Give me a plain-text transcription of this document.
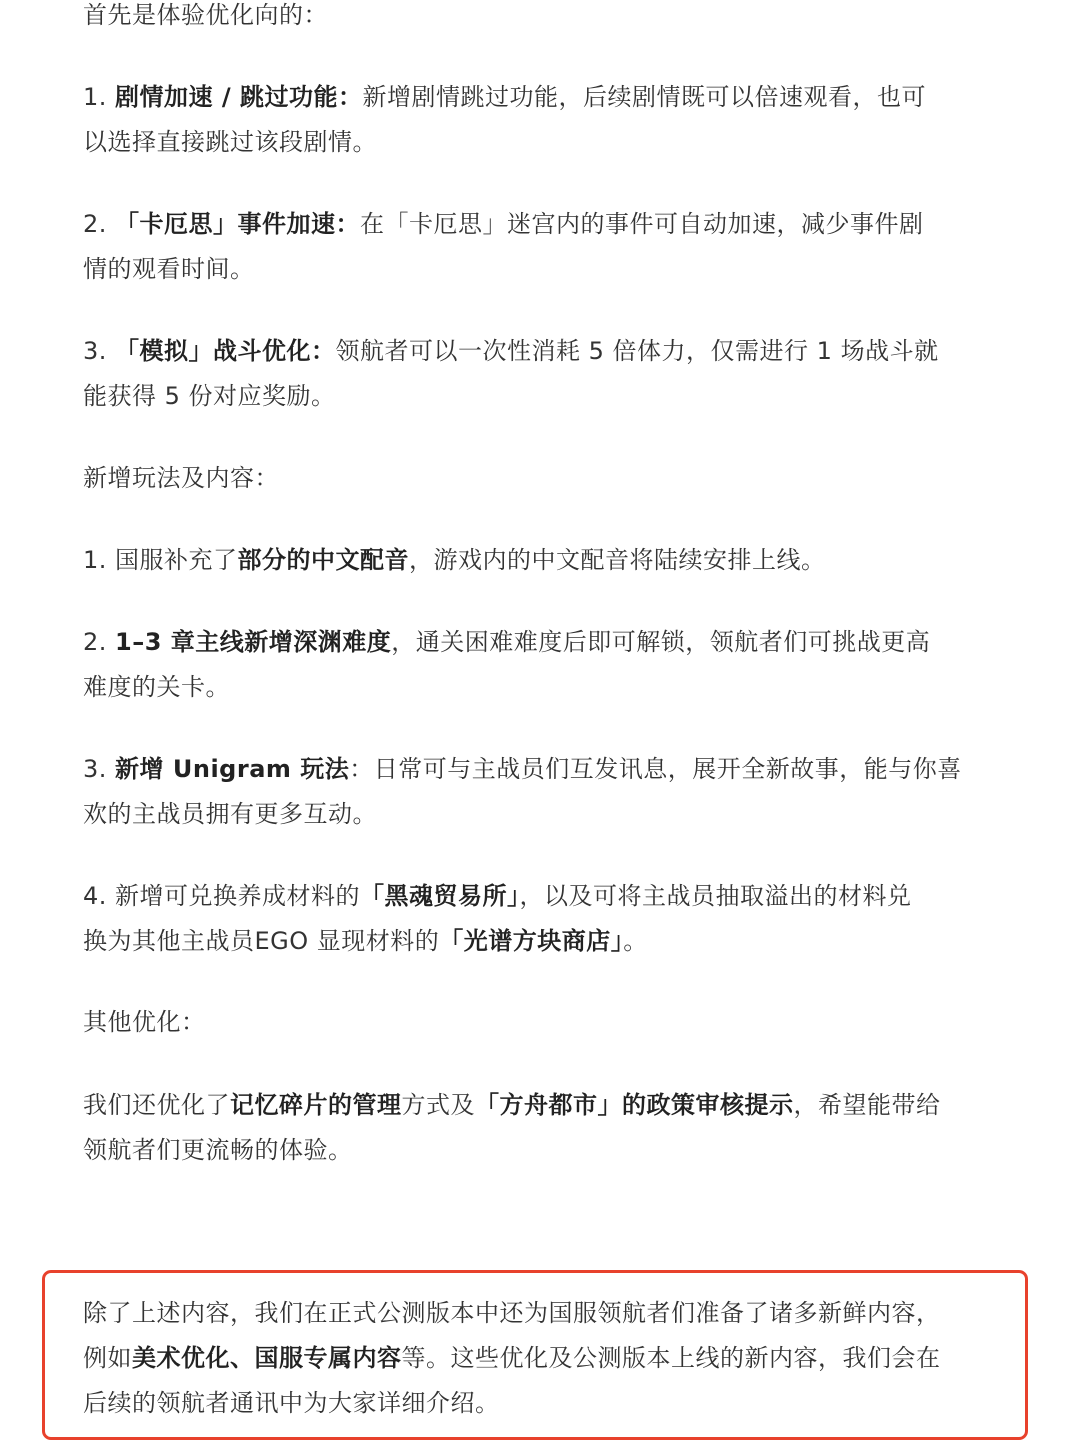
首先是体验优化向的：
1. 剧情加速 / 跳过功能：新增剧情跳过功能，后续剧情既可以倍速观看，也可
以选择直接跳过该段剧情。
2. 「卡厄思」事件加速：在「卡厄思」迷宫内的事件可自动加速，减少事件剧
情的观看时间。
3. 「模拟」战斗优化：领航者可以一次性消耗 5 倍体力，仅需进行 1 场战斗就
能获得 5 份对应奖励。
新增玩法及内容：
1. 国服补充了部分的中文配音，游戏内的中文配音将陆续安排上线。
2. 1–3 章主线新增深渊难度，通关困难难度后即可解锁，领航者们可挑战更高
难度的关卡。
3. 新增 Unigram 玩法：日常可与主战员们互发讯息，展开全新故事，能与你喜
欢的主战员拥有更多互动。
4. 新增可兑换养成材料的「黑魂贸易所」，以及可将主战员抽取溢出的材料兑
换为其他主战员EGO 显现材料的「光谱方块商店」。
其他优化：
我们还优化了记忆碎片的管理方式及「方舟都市」的政策审核提示，希望能带给
领航者们更流畅的体验。
除了上述内容，我们在正式公测版本中还为国服领航者们准备了诸多新鲜内容，
例如美术优化、国服专属内容等。这些优化及公测版本上线的新内容，我们会在
后续的领航者通讯中为大家详细介绍。
